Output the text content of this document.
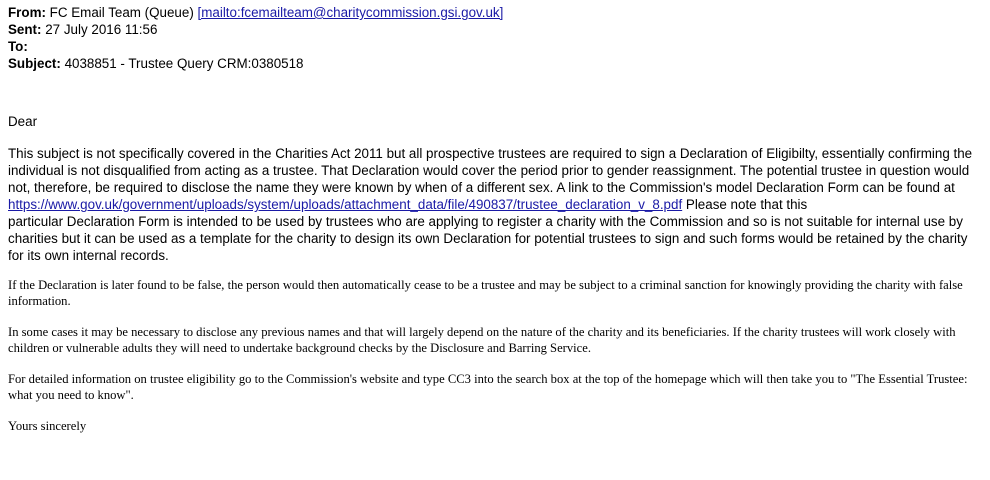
From: FC Email Team (Queue) [mailto:fcemailteam@charitycommission.gsi.gov.uk]
Sent: 27 July 2016 11:56
To:
Subject: 4038851 - Trustee Query CRM:0380518

Dear

This subject is not specifically covered in the Charities Act 2011 but all prospective trustees are required to sign a Declaration of Eligibilty, essentially confirming the individual is not disqualified from acting as a trustee. That Declaration would cover the period prior to gender reassignment. The potential trustee in question would not, therefore, be required to disclose the name they were known by when of a different sex. A link to the Commission's model Declaration Form can be found at https://www.gov.uk/government/uploads/system/uploads/attachment_data/file/490837/trustee_declaration_v_8.pdf Please note that this

particular Declaration Form is intended to be used by trustees who are applying to register a charity with the Commission and so is not suitable for internal use by charities but it can be used as a template for the charity to design its own Declaration for potential trustees to sign and such forms would be retained by the charity for its own internal records.

If the Declaration is later found to be false, the person would then automatically cease to be a trustee and may be subject to a criminal sanction for knowingly providing the charity with false information.

In some cases it may be necessary to disclose any previous names and that will largely depend on the nature of the charity and its beneficiaries. If the charity trustees will work closely with children or vulnerable adults they will need to undertake background checks by the Disclosure and Barring Service.

For detailed information on trustee eligibility go to the Commission's website and type CC3 into the search box at the top of the homepage which will then take you to "The Essential Trustee: what you need to know".

Yours sincerely
